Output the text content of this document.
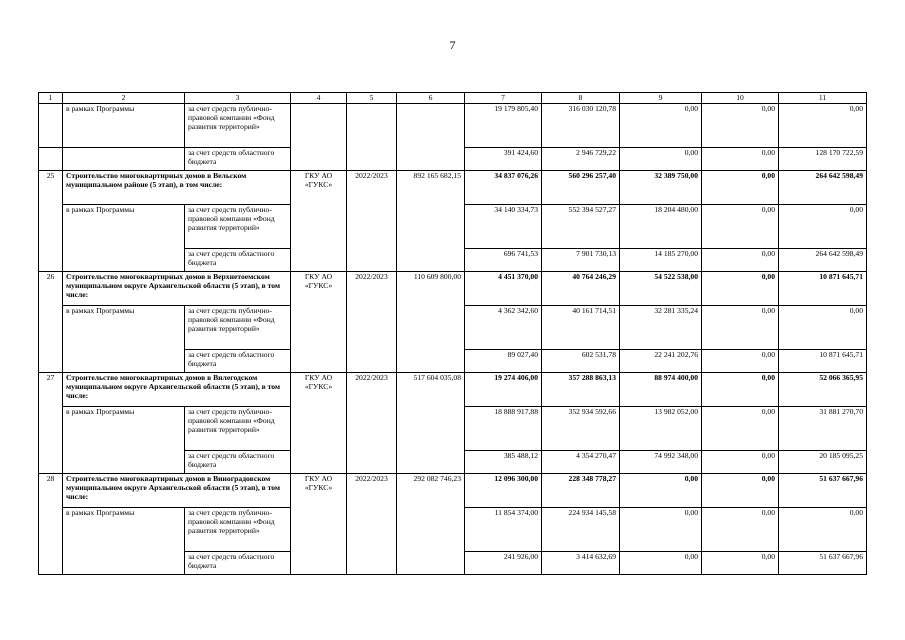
7
1	2	3	4	5	6	7	8	9	10	11
	в рамках Программы	за счет средств публично-правовой компании «Фонд развития территорий»				19 179 805,40	316 030 120,78	0,00	0,00	0,00
		за счет средств областного бюджета				391 424,60	2 946 729,22	0,00	0,00	128 170 722,59
25	Строительство многоквартирных домов в Вельском муниципальном районе (5 этап), в том числе:		ГКУ АО «ГУКС»	2022/2023	892 165 682,15	34 837 076,26	560 296 257,40	32 389 750,00	0,00	264 642 598,49
	в рамках Программы	за счет средств публично-правовой компании «Фонд развития территорий»				34 140 334,73	552 394 527,27	18 204 480,00	0,00	0,00
		за счет средств областного бюджета				696 741,53	7 901 730,13	14 185 270,00	0,00	264 642 598,49
26	Строительство многоквартирных домов в Верхнетоемском муниципальном округе Архангельской области (5 этап), в том числе:		ГКУ АО «ГУКС»	2022/2023	110 609 800,00	4 451 370,00	40 764 246,29	54 522 538,00	0,00	10 871 645,71
	в рамках Программы	за счет средств публично-правовой компании «Фонд развития территорий»				4 362 342,60	40 161 714,51	32 281 335,24	0,00	0,00
		за счет средств областного бюджета				89 027,40	602 531,78	22 241 202,76	0,00	10 871 645,71
27	Строительство многоквартирных домов в Вилегодском муниципальном округе Архангельской области (5 этап), в том числе:		ГКУ АО «ГУКС»	2022/2023	517 604 035,08	19 274 406,00	357 288 863,13	88 974 400,00	0,00	52 066 365,95
	в рамках Программы	за счет средств публично-правовой компании «Фонд развития территорий»				18 888 917,88	352 934 592,66	13 982 052,00	0,00	31 881 270,70
		за счет средств областного бюджета				385 488,12	4 354 270,47	74 992 348,00	0,00	20 185 095,25
28	Строительство многоквартирных домов в Виноградовском муниципальном округе Архангельской области (5 этап), в том числе:		ГКУ АО «ГУКС»	2022/2023	292 082 746,23	12 096 300,00	228 348 778,27	0,00	0,00	51 637 667,96
	в рамках Программы	за счет средств публично-правовой компании «Фонд развития территорий»				11 854 374,00	224 934 145,58	0,00	0,00	0,00
		за счет средств областного бюджета				241 926,00	3 414 632,69	0,00	0,00	51 637 667,96
